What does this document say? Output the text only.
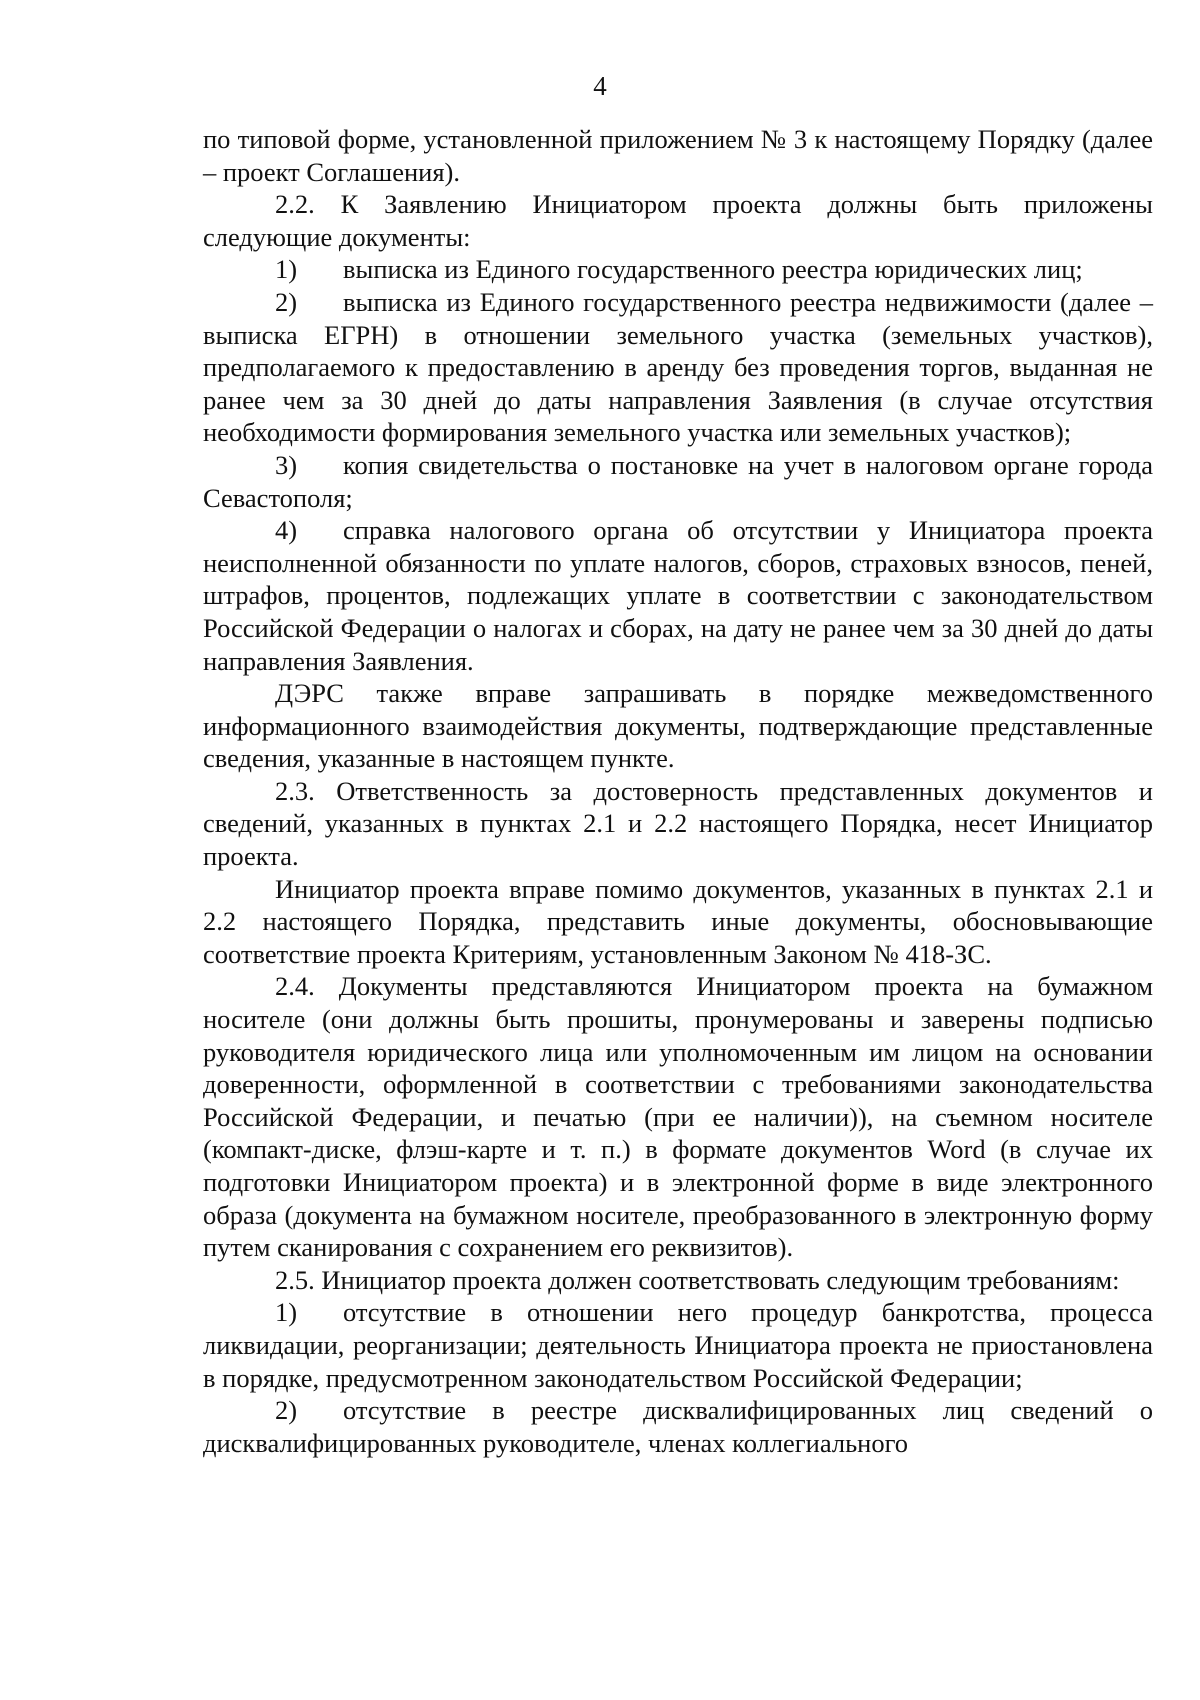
4

по типовой форме, установленной приложением № 3 к настоящему Порядку (далее – проект Соглашения).

2.2. К Заявлению Инициатором проекта должны быть приложены следующие документы:

1) выписка из Единого государственного реестра юридических лиц;

2) выписка из Единого государственного реестра недвижимости (далее – выписка ЕГРН) в отношении земельного участка (земельных участков), предполагаемого к предоставлению в аренду без проведения торгов, выданная не ранее чем за 30 дней до даты направления Заявления (в случае отсутствия необходимости формирования земельного участка или земельных участков);

3) копия свидетельства о постановке на учет в налоговом органе города Севастополя;

4) справка налогового органа об отсутствии у Инициатора проекта неисполненной обязанности по уплате налогов, сборов, страховых взносов, пеней, штрафов, процентов, подлежащих уплате в соответствии с законодательством Российской Федерации о налогах и сборах, на дату не ранее чем за 30 дней до даты направления Заявления.

ДЭРС также вправе запрашивать в порядке межведомственного информационного взаимодействия документы, подтверждающие представленные сведения, указанные в настоящем пункте.

2.3. Ответственность за достоверность представленных документов и сведений, указанных в пунктах 2.1 и 2.2 настоящего Порядка, несет Инициатор проекта.

Инициатор проекта вправе помимо документов, указанных в пунктах 2.1 и 2.2 настоящего Порядка, представить иные документы, обосновывающие соответствие проекта Критериям, установленным Законом № 418-ЗС.

2.4. Документы представляются Инициатором проекта на бумажном носителе (они должны быть прошиты, пронумерованы и заверены подписью руководителя юридического лица или уполномоченным им лицом на основании доверенности, оформленной в соответствии с требованиями законодательства Российской Федерации, и печатью (при ее наличии)), на съемном носителе (компакт-диске, флэш-карте и т. п.) в формате документов Word (в случае их подготовки Инициатором проекта) и в электронной форме в виде электронного образа (документа на бумажном носителе, преобразованного в электронную форму путем сканирования с сохранением его реквизитов).

2.5. Инициатор проекта должен соответствовать следующим требованиям:

1) отсутствие в отношении него процедур банкротства, процесса ликвидации, реорганизации; деятельность Инициатора проекта не приостановлена в порядке, предусмотренном законодательством Российской Федерации;

2) отсутствие в реестре дисквалифицированных лиц сведений о дисквалифицированных руководителе, членах коллегиального
